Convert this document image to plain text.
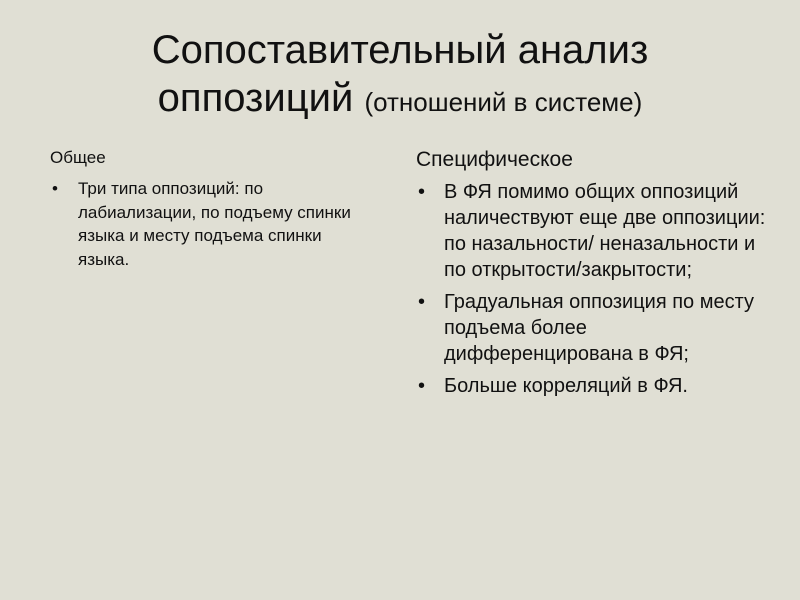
Сопоставительный анализ
оппозиций (отношений в системе)
Общее
• Три типа оппозиций: по лабиализации, по подъему спинки языка и месту подъема спинки языка.
Специфическое
• В ФЯ помимо общих оппозиций наличествуют еще две оппозиции: по назальности/ неназальности и по открытости/закрытости;
• Градуальная оппозиция по месту подъема более дифференцирована в ФЯ;
• Больше корреляций в ФЯ.
